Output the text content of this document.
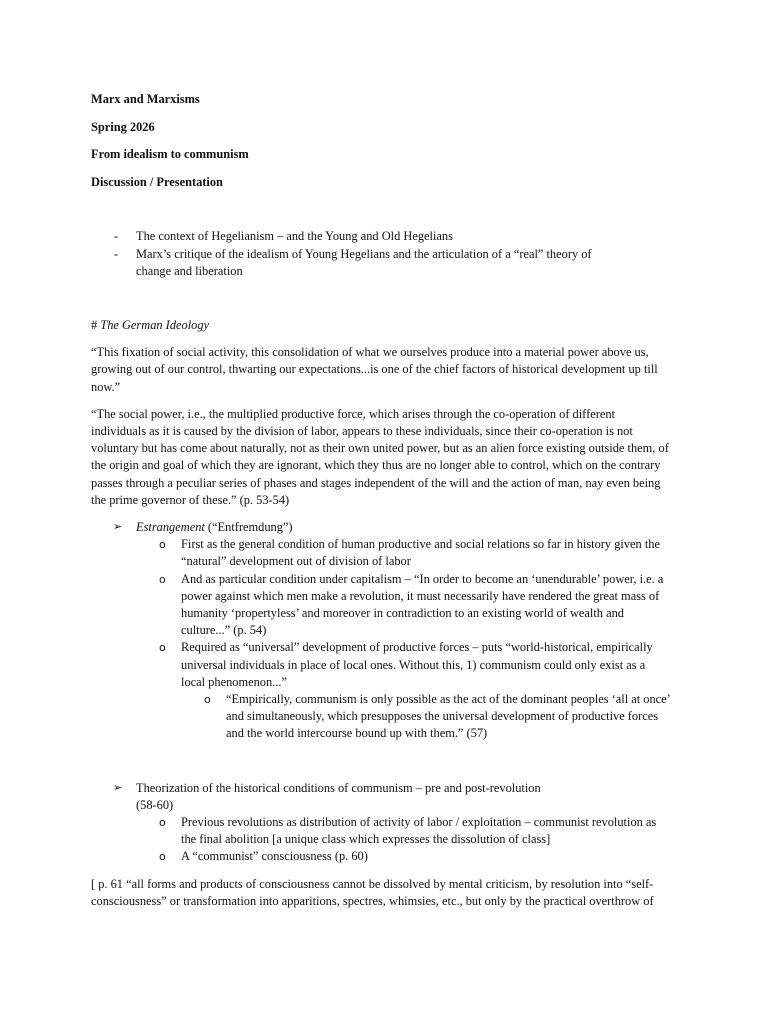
Marx and Marxisms
Spring 2026
From idealism to communism
Discussion / Presentation
- The context of Hegelianism – and the Young and Old Hegelians
- Marx’s critique of the idealism of Young Hegelians and the articulation of a “real” theory of change and liberation
# The German Ideology

“This fixation of social activity, this consolidation of what we ourselves produce into a material power above us, growing out of our control, thwarting our expectations...is one of the chief factors of historical development up till now.”

“The social power, i.e., the multiplied productive force, which arises through the co-operation of different individuals as it is caused by the division of labor, appears to these individuals, since their co-operation is not voluntary but has come about naturally, not as their own united power, but as an alien force existing outside them, of the origin and goal of which they are ignorant, which they thus are no longer able to control, which on the contrary passes through a peculiar series of phases and stages independent of the will and the action of man, nay even being the prime governor of these.” (p. 53-54)

➢ Estrangement (“Entfremdung”)
o First as the general condition of human productive and social relations so far in history given the “natural” development out of division of labor
o And as particular condition under capitalism – “In order to become an ‘unendurable’ power, i.e. a power against which men make a revolution, it must necessarily have rendered the great mass of humanity ‘propertyless’ and moreover in contradiction to an existing world of wealth and culture...” (p. 54)
o Required as “universal” development of productive forces – puts “world-historical, empirically universal individuals in place of local ones. Without this, 1) communism could only exist as a local phenomenon...”
o “Empirically, communism is only possible as the act of the dominant peoples ‘all at once’ and simultaneously, which presupposes the universal development of productive forces and the world intercourse bound up with them.” (57)
➢ Theorization of the historical conditions of communism – pre and post-revolution
(58-60)
o Previous revolutions as distribution of activity of labor / exploitation – communist revolution as the final abolition [a unique class which expresses the dissolution of class]
o A “communist” consciousness (p. 60)

[ p. 61 “all forms and products of consciousness cannot be dissolved by mental criticism, by resolution into “self-consciousness” or transformation into apparitions, spectres, whimsies, etc., but only by the practical overthrow of
